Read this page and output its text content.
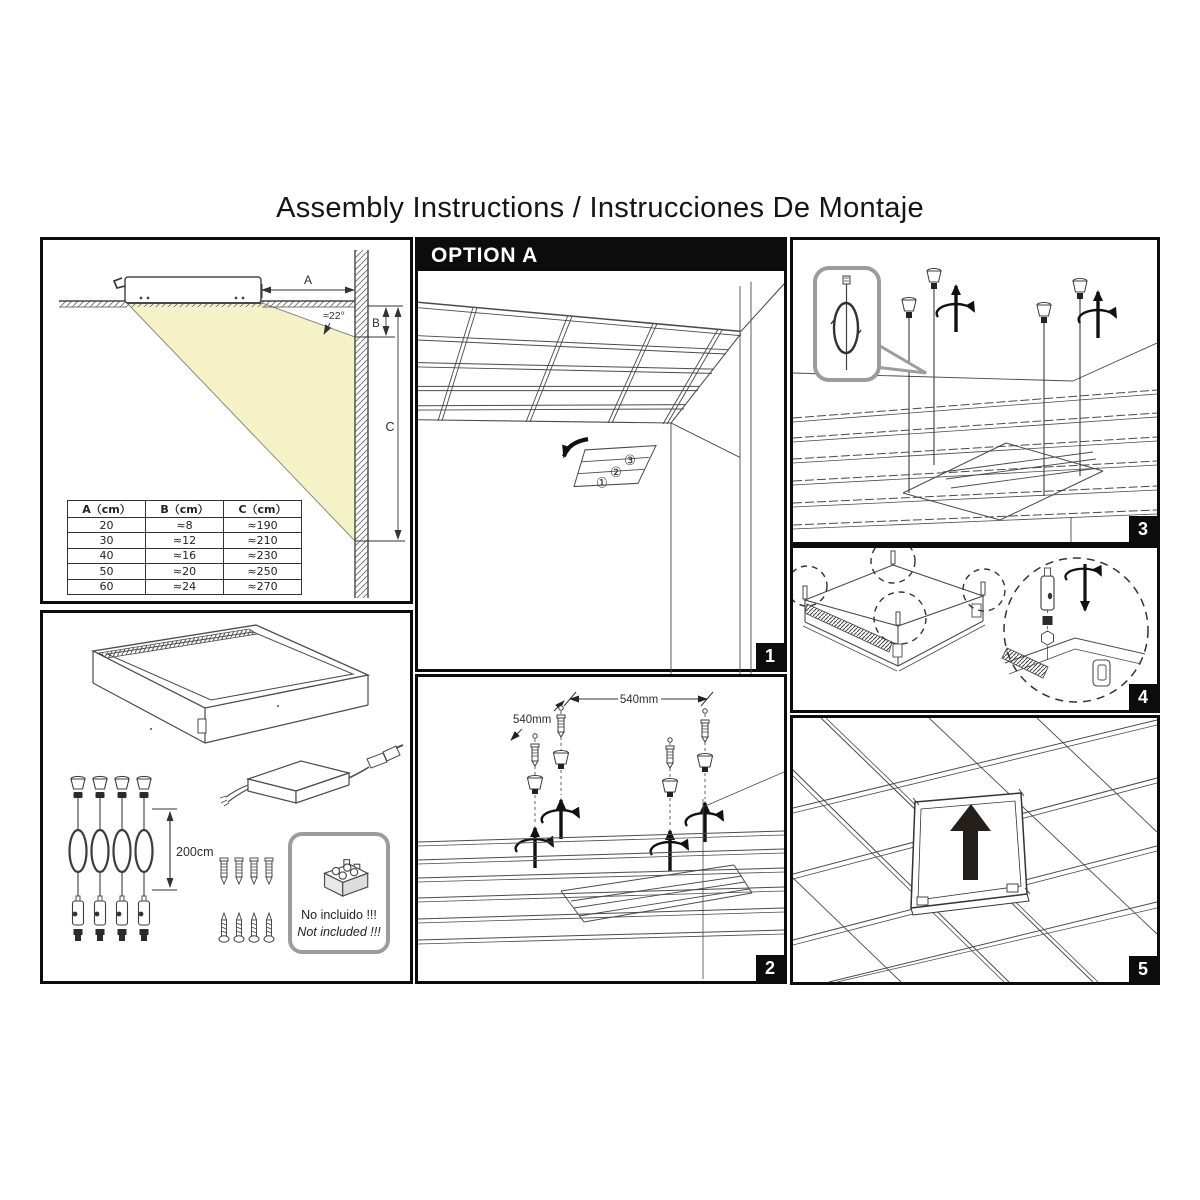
Assembly Instructions / Instrucciones De Montaje
A
≈22°
B
C
A（cm）	B（cm）	C（cm）
20	≈8	≈190
30	≈12	≈210
40	≈16	≈230
50	≈20	≈250
60	≈24	≈270
200cm
No incluido !!!
Not included !!!
OPTION A
③
②
①
1
540mm
540mm
2
3
4
5
